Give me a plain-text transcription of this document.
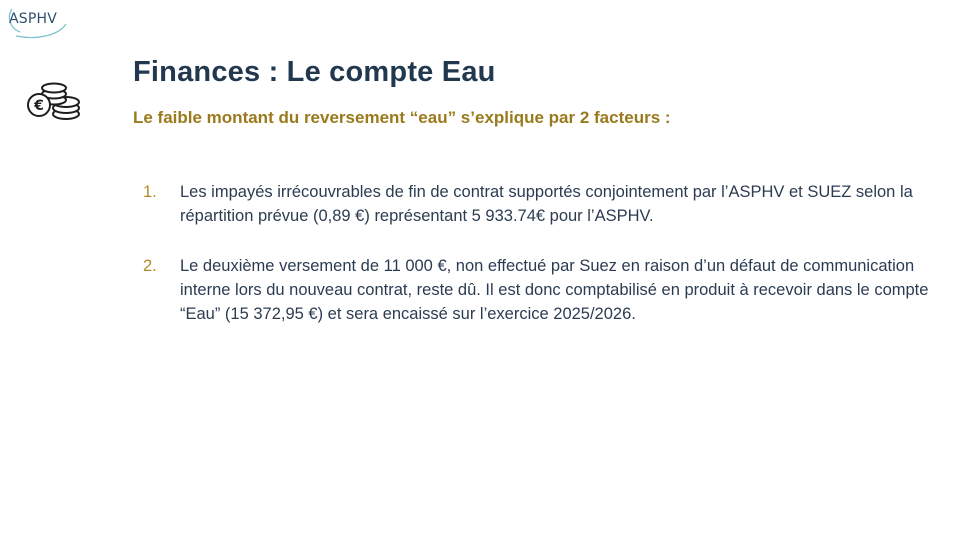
ASPHV
€
Finances : Le compte Eau
Le faible montant du reversement “eau” s’explique par 2 facteurs :
1. Les impayés irrécouvrables de fin de contrat supportés conjointement par l’ASPHV et SUEZ selon la répartition prévue (0,89 €) représentant 5 933.74€ pour l’ASPHV.
2. Le deuxième versement de 11 000 €, non effectué par Suez en raison d’un défaut de communication interne lors du nouveau contrat, reste dû. Il est donc comptabilisé en produit à recevoir dans le compte “Eau” (15 372,95 €) et sera encaissé sur l’exercice 2025/2026.
